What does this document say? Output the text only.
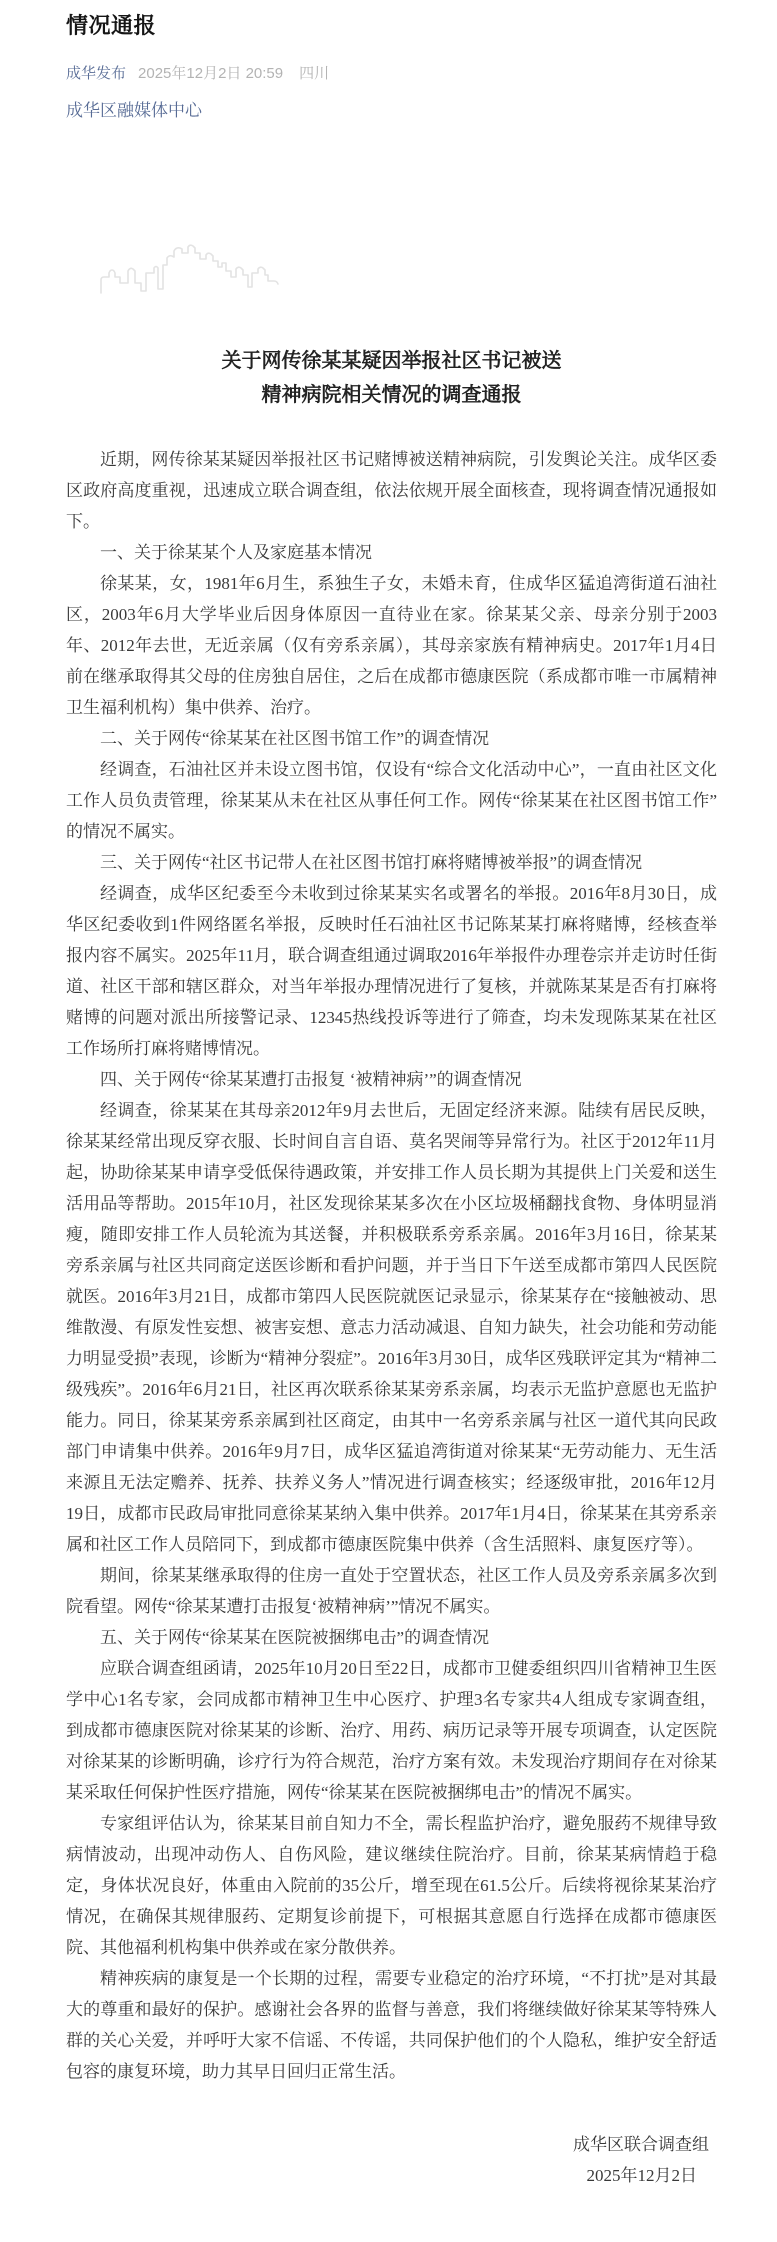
情况通报
成华发布 2025年12月2日 20:59 四川
成华区融媒体中心
关于网传徐某某疑因举报社区书记被送
精神病院相关情况的调查通报

近期，网传徐某某疑因举报社区书记赌博被送精神病院，引发舆论关注。成华区委区政府高度重视，迅速成立联合调查组，依法依规开展全面核查，现将调查情况通报如下。

一、关于徐某某个人及家庭基本情况

徐某某，女，1981年6月生，系独生子女，未婚未育，住成华区猛追湾街道石油社区，2003年6月大学毕业后因身体原因一直待业在家。徐某某父亲、母亲分别于2003年、2012年去世，无近亲属（仅有旁系亲属），其母亲家族有精神病史。2017年1月4日前在继承取得其父母的住房独自居住，之后在成都市德康医院（系成都市唯一市属精神卫生福利机构）集中供养、治疗。

二、关于网传“徐某某在社区图书馆工作”的调查情况

经调查，石油社区并未设立图书馆，仅设有“综合文化活动中心”，一直由社区文化工作人员负责管理，徐某某从未在社区从事任何工作。网传“徐某某在社区图书馆工作”的情况不属实。

三、关于网传“社区书记带人在社区图书馆打麻将赌博被举报”的调查情况

经调查，成华区纪委至今未收到过徐某某实名或署名的举报。2016年8月30日，成华区纪委收到1件网络匿名举报，反映时任石油社区书记陈某某打麻将赌博，经核查举报内容不属实。2025年11月，联合调查组通过调取2016年举报件办理卷宗并走访时任街道、社区干部和辖区群众，对当年举报办理情况进行了复核，并就陈某某是否有打麻将赌博的问题对派出所接警记录、12345热线投诉等进行了筛查，均未发现陈某某在社区工作场所打麻将赌博情况。

四、关于网传“徐某某遭打击报复 ‘被精神病’”的调查情况

经调查，徐某某在其母亲2012年9月去世后，无固定经济来源。陆续有居民反映，徐某某经常出现反穿衣服、长时间自言自语、莫名哭闹等异常行为。社区于2012年11月起，协助徐某某申请享受低保待遇政策，并安排工作人员长期为其提供上门关爱和送生活用品等帮助。2015年10月，社区发现徐某某多次在小区垃圾桶翻找食物、身体明显消瘦，随即安排工作人员轮流为其送餐，并积极联系旁系亲属。2016年3月16日，徐某某旁系亲属与社区共同商定送医诊断和看护问题，并于当日下午送至成都市第四人民医院就医。2016年3月21日，成都市第四人民医院就医记录显示，徐某某存在“接触被动、思维散漫、有原发性妄想、被害妄想、意志力活动减退、自知力缺失，社会功能和劳动能力明显受损”表现，诊断为“精神分裂症”。2016年3月30日，成华区残联评定其为“精神二级残疾”。2016年6月21日，社区再次联系徐某某旁系亲属，均表示无监护意愿也无监护能力。同日，徐某某旁系亲属到社区商定，由其中一名旁系亲属与社区一道代其向民政部门申请集中供养。2016年9月7日，成华区猛追湾街道对徐某某“无劳动能力、无生活来源且无法定赡养、抚养、扶养义务人”情况进行调查核实；经逐级审批，2016年12月19日，成都市民政局审批同意徐某某纳入集中供养。2017年1月4日，徐某某在其旁系亲属和社区工作人员陪同下，到成都市德康医院集中供养（含生活照料、康复医疗等）。

期间，徐某某继承取得的住房一直处于空置状态，社区工作人员及旁系亲属多次到院看望。网传“徐某某遭打击报复‘被精神病’”情况不属实。

五、关于网传“徐某某在医院被捆绑电击”的调查情况

应联合调查组函请，2025年10月20日至22日，成都市卫健委组织四川省精神卫生医学中心1名专家，会同成都市精神卫生中心医疗、护理3名专家共4人组成专家调查组，到成都市德康医院对徐某某的诊断、治疗、用药、病历记录等开展专项调查，认定医院对徐某某的诊断明确，诊疗行为符合规范，治疗方案有效。未发现治疗期间存在对徐某某采取任何保护性医疗措施，网传“徐某某在医院被捆绑电击”的情况不属实。

专家组评估认为，徐某某目前自知力不全，需长程监护治疗，避免服药不规律导致病情波动，出现冲动伤人、自伤风险，建议继续住院治疗。目前，徐某某病情趋于稳定，身体状况良好，体重由入院前的35公斤，增至现在61.5公斤。后续将视徐某某治疗情况，在确保其规律服药、定期复诊前提下，可根据其意愿自行选择在成都市德康医院、其他福利机构集中供养或在家分散供养。

精神疾病的康复是一个长期的过程，需要专业稳定的治疗环境，“不打扰”是对其最大的尊重和最好的保护。感谢社会各界的监督与善意，我们将继续做好徐某某等特殊人群的关心关爱，并呼吁大家不信谣、不传谣，共同保护他们的个人隐私，维护安全舒适包容的康复环境，助力其早日回归正常生活。

成华区联合调查组
2025年12月2日
